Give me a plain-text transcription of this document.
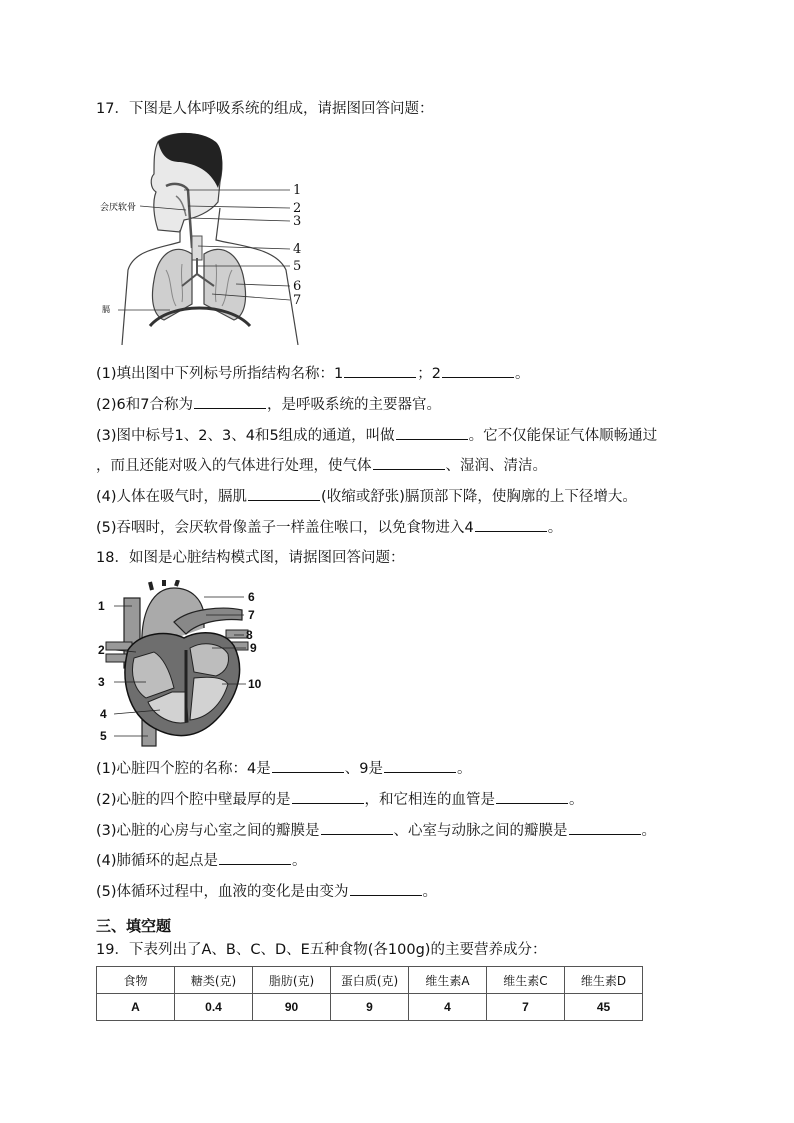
17．下图是人体呼吸系统的组成，请据图回答问题：
1
2
3
4
5
6
7
会厌软骨
膈
(1)填出图中下列标号所指结构名称：1	；2	。
(2)6和7合称为	，是呼吸系统的主要器官。
(3)图中标号1、2、3、4和5组成的通道，叫做	。它不仅能保证气体顺畅通过
，而且还能对吸入的气体进行处理，使气体	、湿润、清洁。
(4)人体在吸气时，膈肌	(收缩或舒张)膈顶部下降，使胸廓的上下径增大。
(5)吞咽时，会厌软骨像盖子一样盖住喉口，以免食物进入4	。
18．如图是心脏结构模式图，请据图回答问题：
1
2
3
4
5
6
7
8
9
10
(1)心脏四个腔的名称：4是	、9是	。
(2)心脏的四个腔中壁最厚的是	，和它相连的血管是	。
(3)心脏的心房与心室之间的瓣膜是	、心室与动脉之间的瓣膜是	。
(4)肺循环的起点是	。
(5)体循环过程中，血液的变化是由变为	。
三、填空题
19．下表列出了A、B、C、D、E五种食物(各100g)的主要营养成分：
食物	糖类(克)	脂肪(克)	蛋白质(克)	维生素A	维生素C	维生素D
A	0.4	90	9	4	7	45
